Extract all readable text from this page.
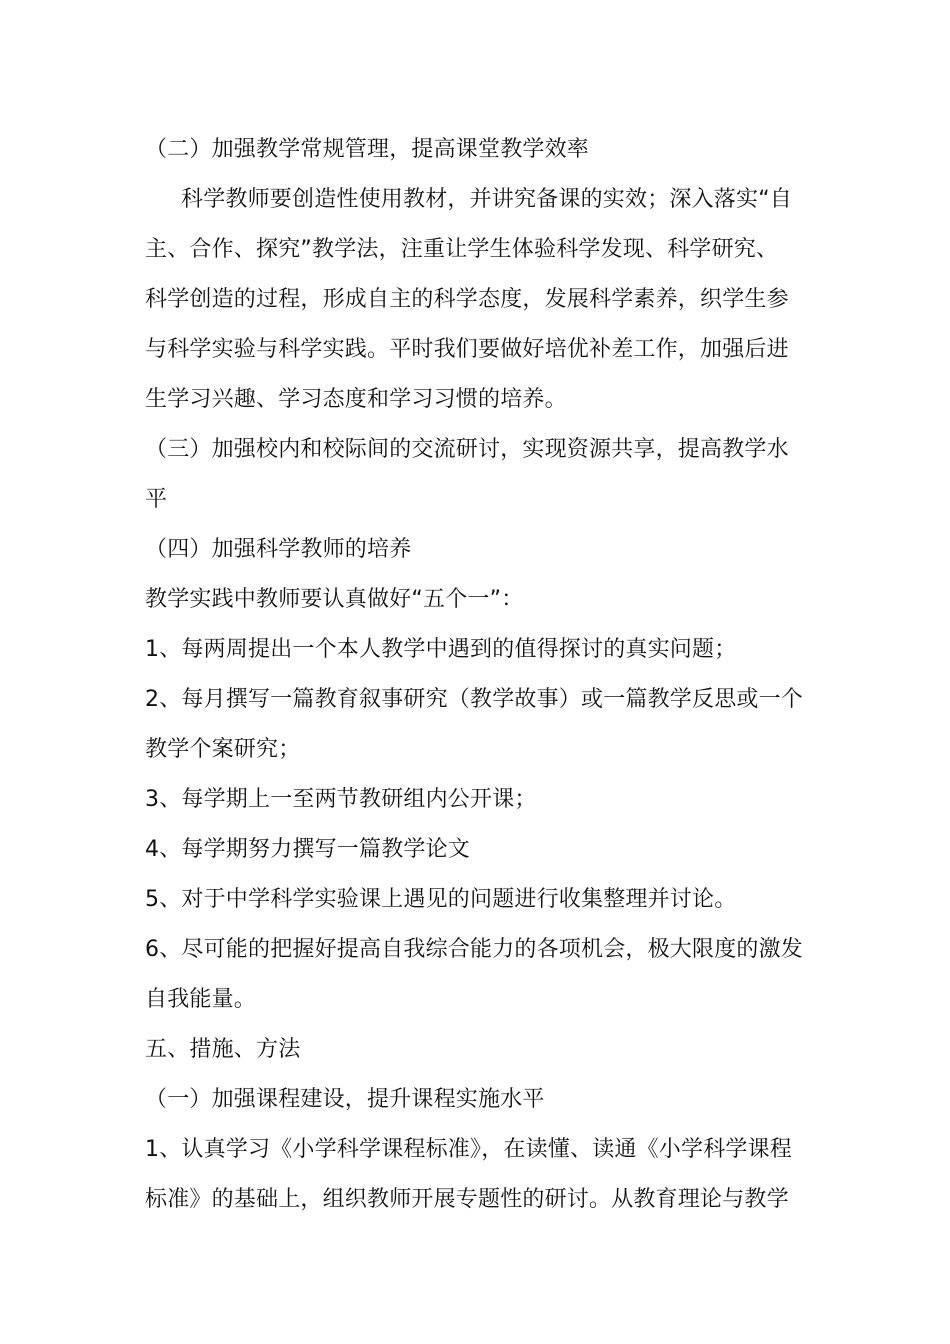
（二）加强教学常规管理，提高课堂教学效率
科学教师要创造性使用教材，并讲究备课的实效；深入落实“自
主、合作、探究”教学法，注重让学生体验科学发现、科学研究、
科学创造的过程，形成自主的科学态度，发展科学素养，织学生参
与科学实验与科学实践。平时我们要做好培优补差工作，加强后进
生学习兴趣、学习态度和学习习惯的培养。
（三）加强校内和校际间的交流研讨，实现资源共享，提高教学水
平
（四）加强科学教师的培养
教学实践中教师要认真做好“五个一”：
1、每两周提出一个本人教学中遇到的值得探讨的真实问题；
2、每月撰写一篇教育叙事研究（教学故事）或一篇教学反思或一个
教学个案研究；
3、每学期上一至两节教研组内公开课；
4、每学期努力撰写一篇教学论文
5、对于中学科学实验课上遇见的问题进行收集整理并讨论。
6、尽可能的把握好提高自我综合能力的各项机会，极大限度的激发
自我能量。
五、措施、方法
（一）加强课程建设，提升课程实施水平
1、认真学习《小学科学课程标准》，在读懂、读通《小学科学课程
标准》的基础上，组织教师开展专题性的研讨。从教育理论与教学
